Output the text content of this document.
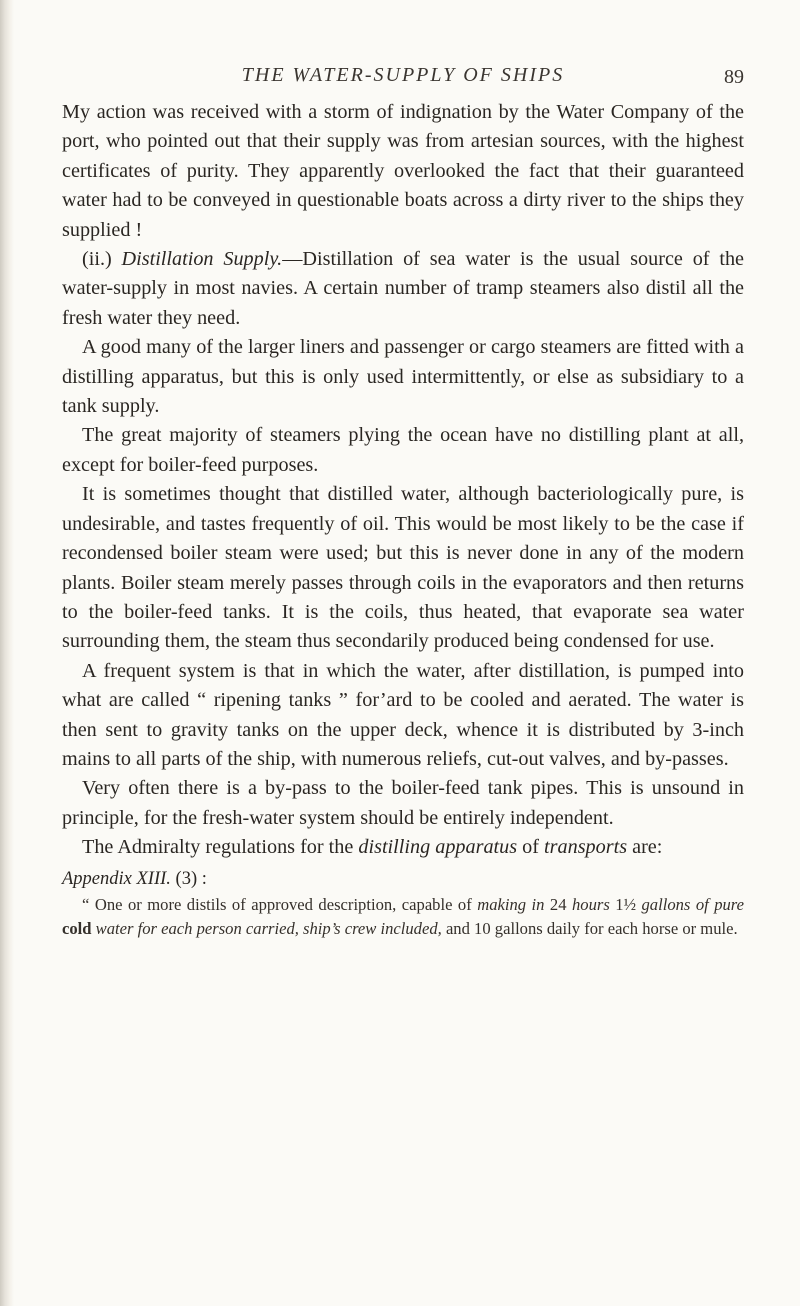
THE WATER-SUPPLY OF SHIPS	89

My action was received with a storm of indignation by the Water Company of the port, who pointed out that their supply was from artesian sources, with the highest certificates of purity. They apparently overlooked the fact that their guaranteed water had to be conveyed in questionable boats across a dirty river to the ships they supplied !

(ii.) Distillation Supply.—Distillation of sea water is the usual source of the water-supply in most navies. A certain number of tramp steamers also distil all the fresh water they need.

A good many of the larger liners and passenger or cargo steamers are fitted with a distilling apparatus, but this is only used intermittently, or else as subsidiary to a tank supply.

The great majority of steamers plying the ocean have no distilling plant at all, except for boiler-feed purposes.

It is sometimes thought that distilled water, although bacteriologically pure, is undesirable, and tastes frequently of oil. This would be most likely to be the case if recondensed boiler steam were used; but this is never done in any of the modern plants. Boiler steam merely passes through coils in the evaporators and then returns to the boiler-feed tanks. It is the coils, thus heated, that evaporate sea water surrounding them, the steam thus secondarily produced being condensed for use.

A frequent system is that in which the water, after distillation, is pumped into what are called “ ripening tanks ” for’ard to be cooled and aerated. The water is then sent to gravity tanks on the upper deck, whence it is distributed by 3-inch mains to all parts of the ship, with numerous reliefs, cut-out valves, and by-passes.

Very often there is a by-pass to the boiler-feed tank pipes. This is unsound in principle, for the fresh-water system should be entirely independent.

The Admiralty regulations for the distilling apparatus of transports are:

Appendix XIII. (3) :

“ One or more distils of approved description, capable of making in 24 hours 1½ gallons of pure cold water for each person carried, ship’s crew included, and 10 gallons daily for each horse or mule.
